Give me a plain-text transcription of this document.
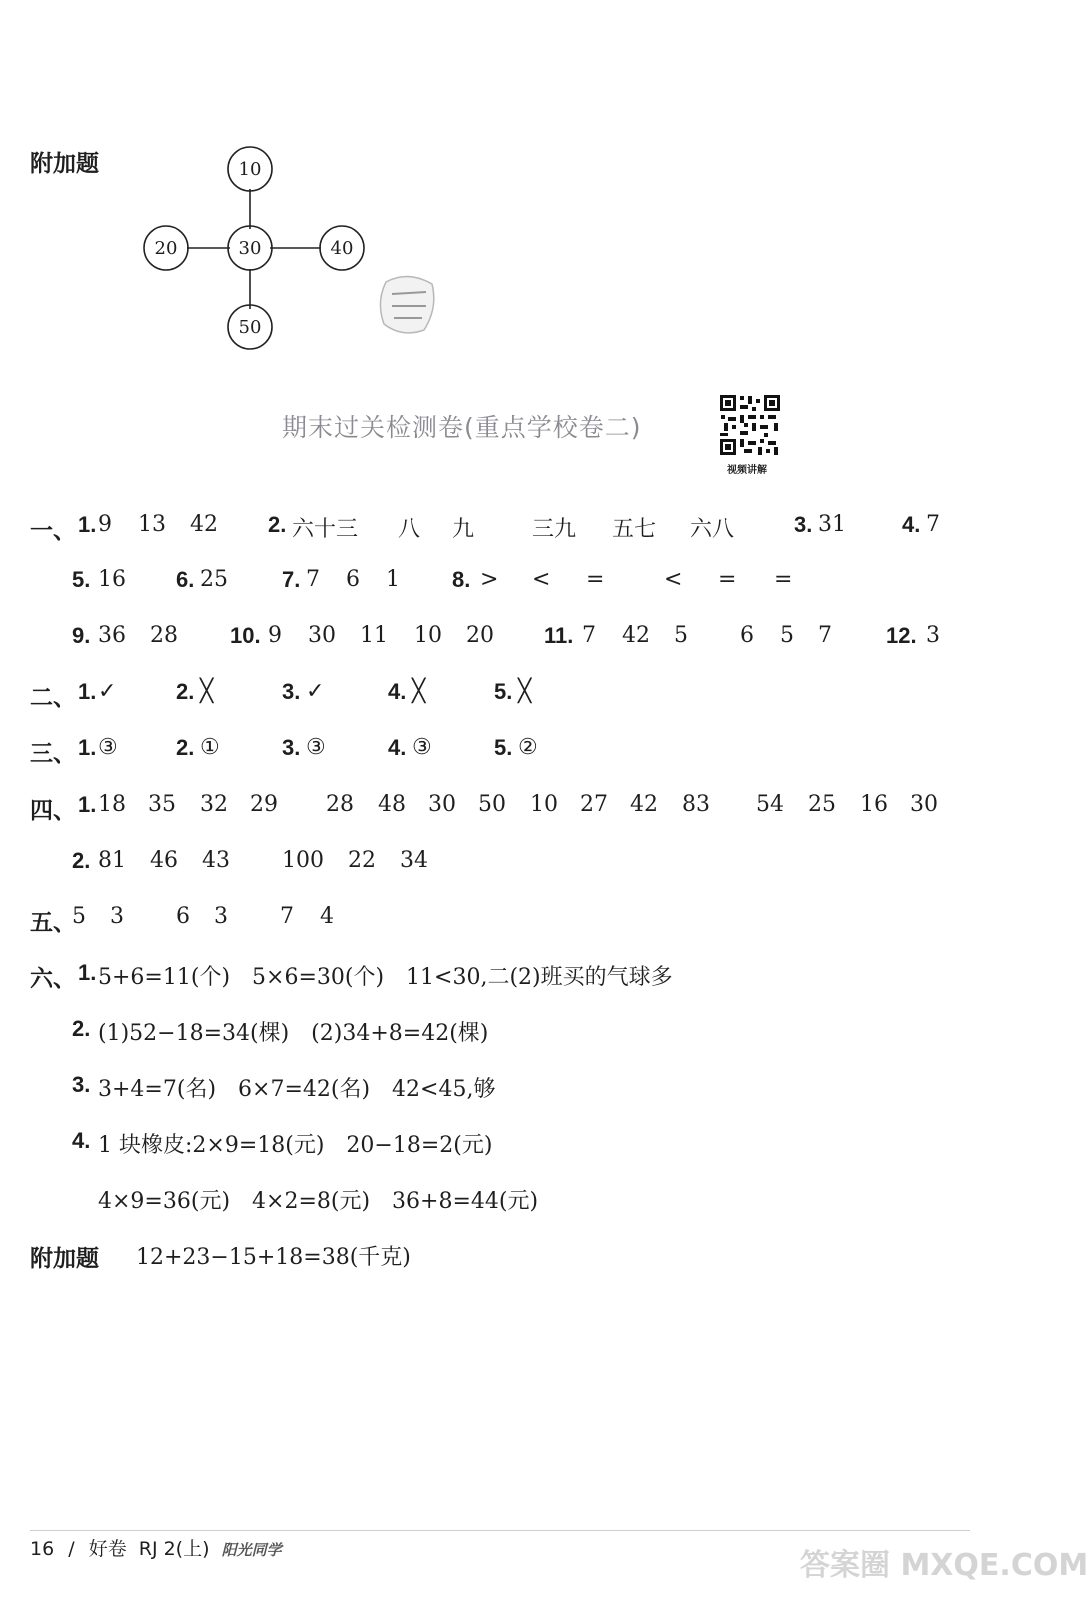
附加题	10
30
20	40
50
期末过关检测卷(重点学校卷二)
视频讲解
一、 1. 9 13 42 2. 六十三 八 九	三九 五七 六八	3. 31	4. 7
5. 16 6. 25 7. 7 6 1 8. > < =	< = =
9. 36 28 10. 9 30 11 10 20 11. 7 42 5 6 5 7 12. 3
二、 1. ✓	2. ╳	3. ✓	4. ╳	5. ╳
三、 1. ③	2. ①	3. ③	4. ③	5. ②
四、 1. 18 35 32 29 28 48 30 50 10 27 42 83 54 25 16 30
2. 81 46 43 100 22 34
五、
5 3 6 3 7 4
六、 1. 5+6=11(个)　5×6=30(个)　11<30,二(2)班买的气球多
2. (1)52−18=34(棵)　(2)34+8=42(棵)
3. 3+4=7(名)　6×7=42(名)　42<45,够
4. 1 块橡皮:2×9=18(元)　20−18=2(元)
4×9=36(元)　4×2=8(元)　36+8=44(元)
附加题 12+23−15+18=38(千克)
16 / 好卷 RJ 2(上) 阳光同学	答案圈 MXQE.COM
